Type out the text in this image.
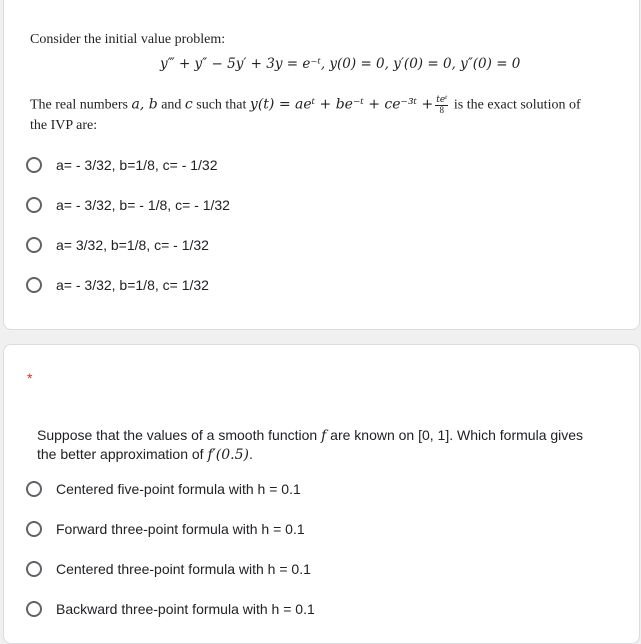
Consider the initial value problem:
y‴ + y″ − 5y′ + 3y = e⁻ᵗ, y(0) = 0, y′(0) = 0, y″(0) = 0
The real numbers a, b and c such that y(t) = aeᵗ + be⁻ᵗ + ce⁻³ᵗ + $\frac{\text{teᵗ}}{8}$ is the exact solution of
the IVP are:
a= - 3/32, b=1/8, c= - 1/32
a= - 3/32, b= - 1/8, c= - 1/32
a= 3/32, b=1/8, c= - 1/32
a= - 3/32, b=1/8, c= 1/32
*
Suppose that the values of a smooth function f are known on [0, 1]. Which formula gives the better approximation of f′(0.5).
Centered five-point formula with h = 0.1
Forward three-point formula with h = 0.1
Centered three-point formula with h = 0.1
Backward three-point formula with h = 0.1
